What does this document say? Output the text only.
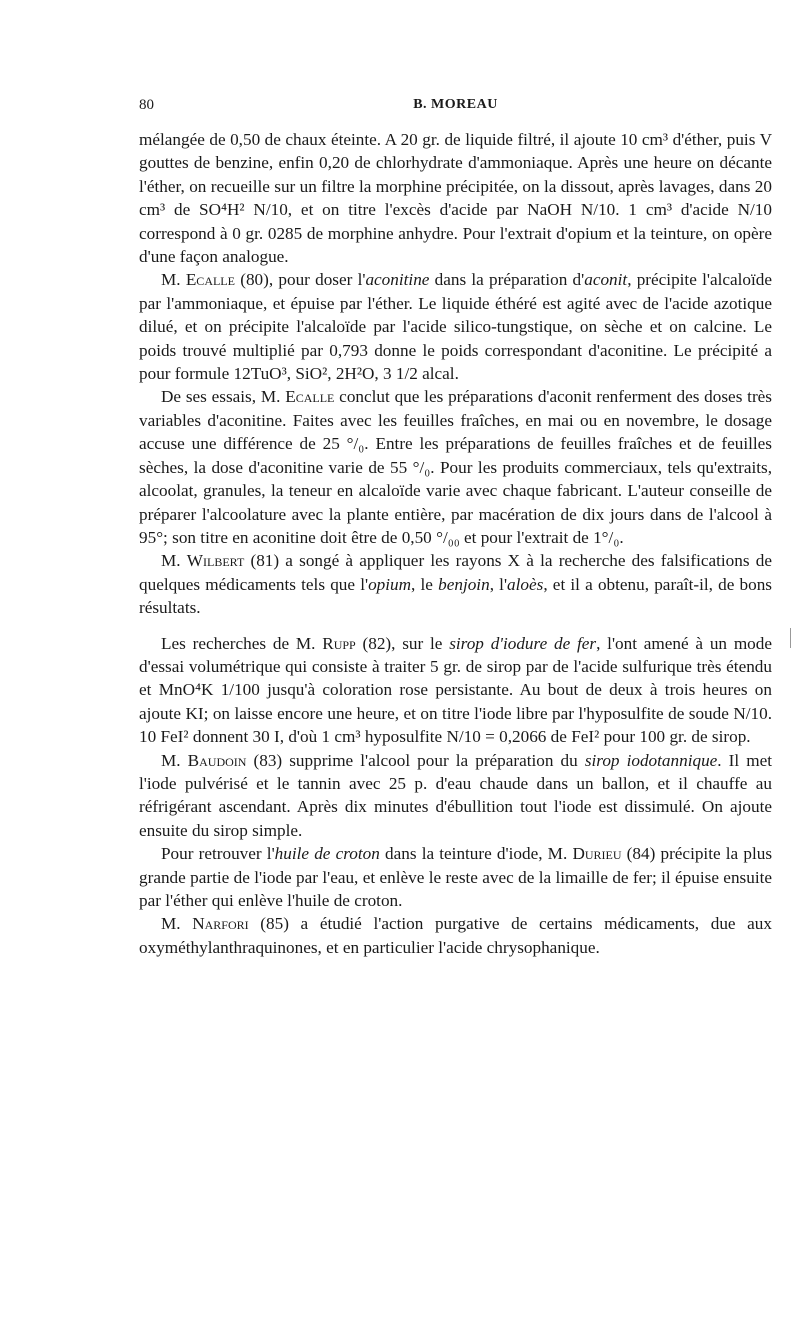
80	B. MOREAU

mélangée de 0,50 de chaux éteinte. A 20 gr. de liquide filtré, il ajoute 10 cm³ d'éther, puis V gouttes de benzine, enfin 0,20 de chlorhydrate d'ammoniaque. Après une heure on décante l'éther, on recueille sur un filtre la morphine précipitée, on la dissout, après lavages, dans 20 cm³ de SO⁴H² N/10, et on titre l'excès d'acide par NaOH N/10. 1 cm³ d'acide N/10 correspond à 0 gr. 0285 de morphine anhydre. Pour l'extrait d'opium et la teinture, on opère d'une façon analogue.

M. Ecalle (80), pour doser l'aconitine dans la préparation d'aconit, précipite l'alcaloïde par l'ammoniaque, et épuise par l'éther. Le liquide éthéré est agité avec de l'acide azotique dilué, et on précipite l'alcaloïde par l'acide silico-tungstique, on sèche et on calcine. Le poids trouvé multiplié par 0,793 donne le poids correspondant d'aconitine. Le précipité a pour formule 12TuO³, SiO², 2H²O, 3 1/2 alcal.

De ses essais, M. Ecalle conclut que les préparations d'aconit renferment des doses très variables d'aconitine. Faites avec les feuilles fraîches, en mai ou en novembre, le dosage accuse une différence de 25 °/₀. Entre les préparations de feuilles fraîches et de feuilles sèches, la dose d'aconitine varie de 55 °/₀. Pour les produits commerciaux, tels qu'extraits, alcoolat, granules, la teneur en alcaloïde varie avec chaque fabricant. L'auteur conseille de préparer l'alcoolature avec la plante entière, par macération de dix jours dans de l'alcool à 95°; son titre en aconitine doit être de 0,50 °/₀₀ et pour l'extrait de 1°/₀.

M. Wilbert (81) a songé à appliquer les rayons X à la recherche des falsifications de quelques médicaments tels que l'opium, le benjoin, l'aloès, et il a obtenu, paraît-il, de bons résultats.

Les recherches de M. Rupp (82), sur le sirop d'iodure de fer, l'ont amené à un mode d'essai volumétrique qui consiste à traiter 5 gr. de sirop par de l'acide sulfurique très étendu et MnO⁴K 1/100 jusqu'à coloration rose persistante. Au bout de deux à trois heures on ajoute KI; on laisse encore une heure, et on titre l'iode libre par l'hyposulfite de soude N/10. 10 FeI² donnent 30 I, d'où 1 cm³ hyposulfite N/10 = 0,2066 de FeI² pour 100 gr. de sirop.

M. Baudoin (83) supprime l'alcool pour la préparation du sirop iodotannique. Il met l'iode pulvérisé et le tannin avec 25 p. d'eau chaude dans un ballon, et il chauffe au réfrigérant ascendant. Après dix minutes d'ébullition tout l'iode est dissimulé. On ajoute ensuite du sirop simple.

Pour retrouver l'huile de croton dans la teinture d'iode, M. Durieu (84) précipite la plus grande partie de l'iode par l'eau, et enlève le reste avec de la limaille de fer; il épuise ensuite par l'éther qui enlève l'huile de croton.

M. Narfori (85) a étudié l'action purgative de certains médicaments, due aux oxyméthylanthraquinones, et en particulier l'acide chrysophanique.
